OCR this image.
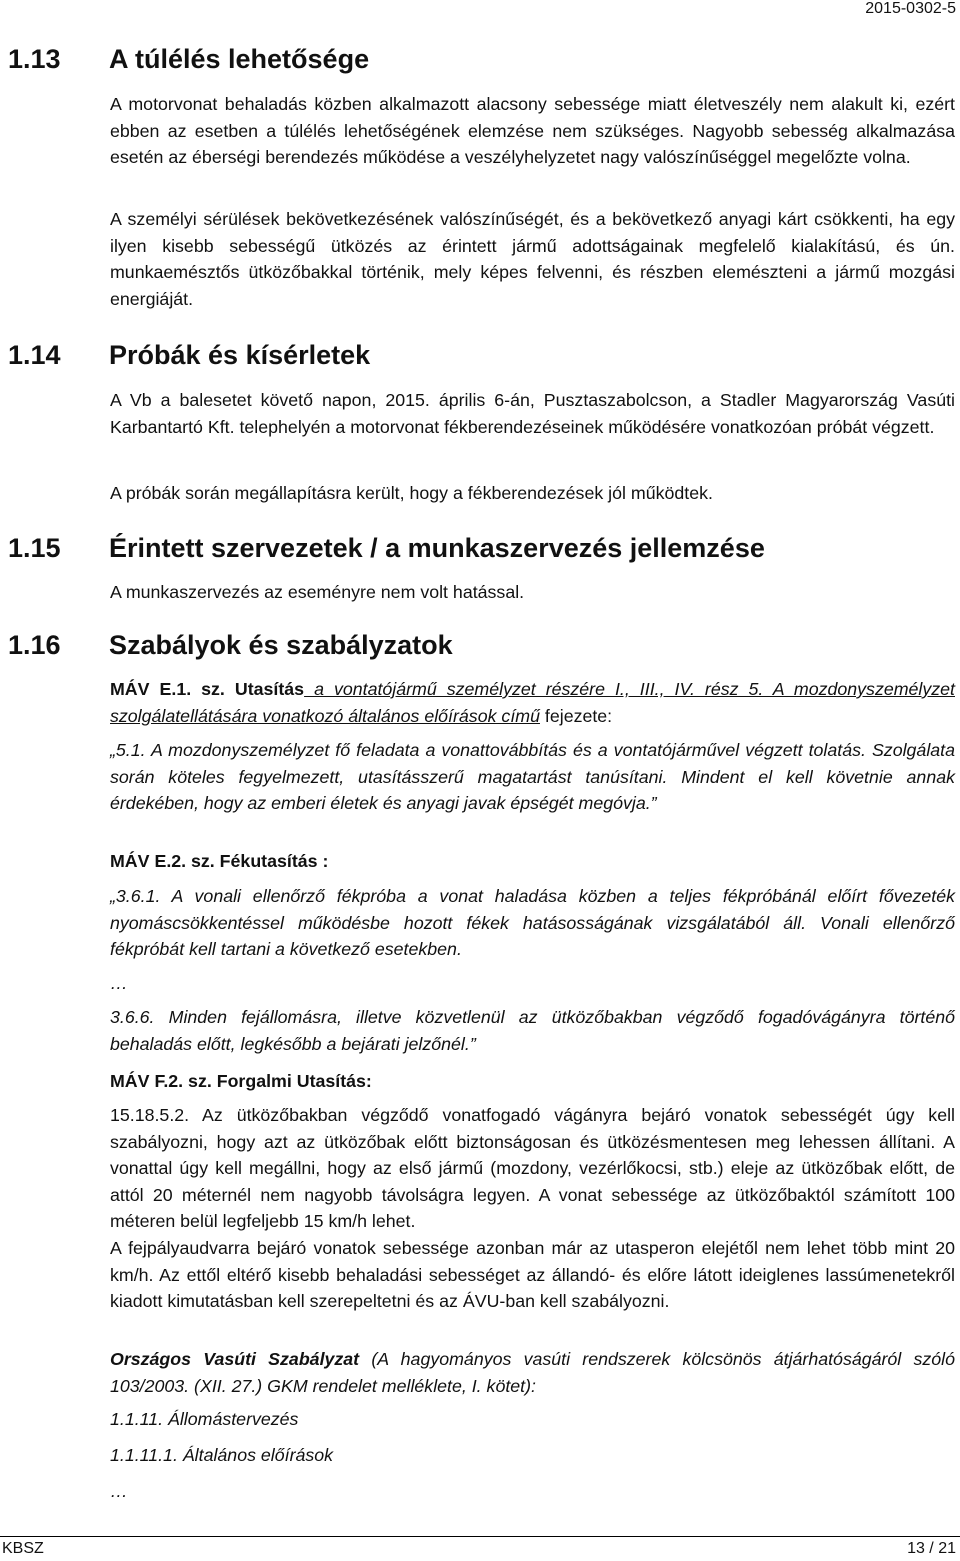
2015-0302-5
1.13 A túlélés lehetősége
A motorvonat behaladás közben alkalmazott alacsony sebessége miatt életveszély nem alakult ki, ezért ebben az esetben a túlélés lehetőségének elemzése nem szükséges. Nagyobb sebesség alkalmazása esetén az éberségi berendezés működése a veszélyhelyzetet nagy valószínűséggel megelőzte volna.
A személyi sérülések bekövetkezésének valószínűségét, és a bekövetkező anyagi kárt csökkenti, ha egy ilyen kisebb sebességű ütközés az érintett jármű adottságainak megfelelő kialakítású, és ún. munkaemésztős ütközőbakkal történik, mely képes felvenni, és részben elemészteni a jármű mozgási energiáját.
1.14 Próbák és kísérletek
A Vb a balesetet követő napon, 2015. április 6-án, Pusztaszabolcson, a Stadler Magyarország Vasúti Karbantartó Kft. telephelyén a motorvonat fékberendezéseinek működésére vonatkozóan próbát végzett.
A próbák során megállapításra került, hogy a fékberendezések jól működtek.
1.15 Érintett szervezetek / a munkaszervezés jellemzése
A munkaszervezés az eseményre nem volt hatással.
1.16 Szabályok és szabályzatok
MÁV E.1. sz. Utasítás a vontatójármű személyzet részére I., III., IV. rész 5. A mozdonyszemélyzet szolgálatellátására vonatkozó általános előírások című fejezete:
„5.1. A mozdonyszemélyzet fő feladata a vonattovábbítás és a vontatójárművel végzett tolatás. Szolgálata során köteles fegyelmezett, utasításszerű magatartást tanúsítani. Mindent el kell követnie annak érdekében, hogy az emberi életek és anyagi javak épségét megóvja.”
MÁV E.2. sz. Fékutasítás :
„3.6.1. A vonali ellenőrző fékpróba a vonat haladása közben a teljes fékpróbánál előírt fővezeték nyomáscsökkentéssel működésbe hozott fékek hatásosságának vizsgálatából áll. Vonali ellenőrző fékpróbát kell tartani a következő esetekben.
…
3.6.6. Minden fejállomásra, illetve közvetlenül az ütközőbakban végződő fogadóvágányra történő behaladás előtt, legkésőbb a bejárati jelzőnél.”
MÁV F.2. sz. Forgalmi Utasítás:
15.18.5.2. Az ütközőbakban végződő vonatfogadó vágányra bejáró vonatok sebességét úgy kell szabályozni, hogy azt az ütközőbak előtt biztonságosan és ütközésmentesen meg lehessen állítani. A vonattal úgy kell megállni, hogy az első jármű (mozdony, vezérlőkocsi, stb.) eleje az ütközőbak előtt, de attól 20 méternél nem nagyobb távolságra legyen. A vonat sebessége az ütközőbaktól számított 100 méteren belül legfeljebb 15 km/h lehet.
A fejpályaudvarra bejáró vonatok sebessége azonban már az utasperon elejétől nem lehet több mint 20 km/h. Az ettől eltérő kisebb behaladási sebességet az állandó- és előre látott ideiglenes lassúmenetekről kiadott kimutatásban kell szerepeltetni és az ÁVU-ban kell szabályozni.
Országos Vasúti Szabályzat (A hagyományos vasúti rendszerek kölcsönös átjárhatóságáról szóló 103/2003. (XII. 27.) GKM rendelet melléklete, I. kötet):
1.1.11. Állomástervezés
1.1.11.1. Általános előírások
…
KBSZ	13 / 21
